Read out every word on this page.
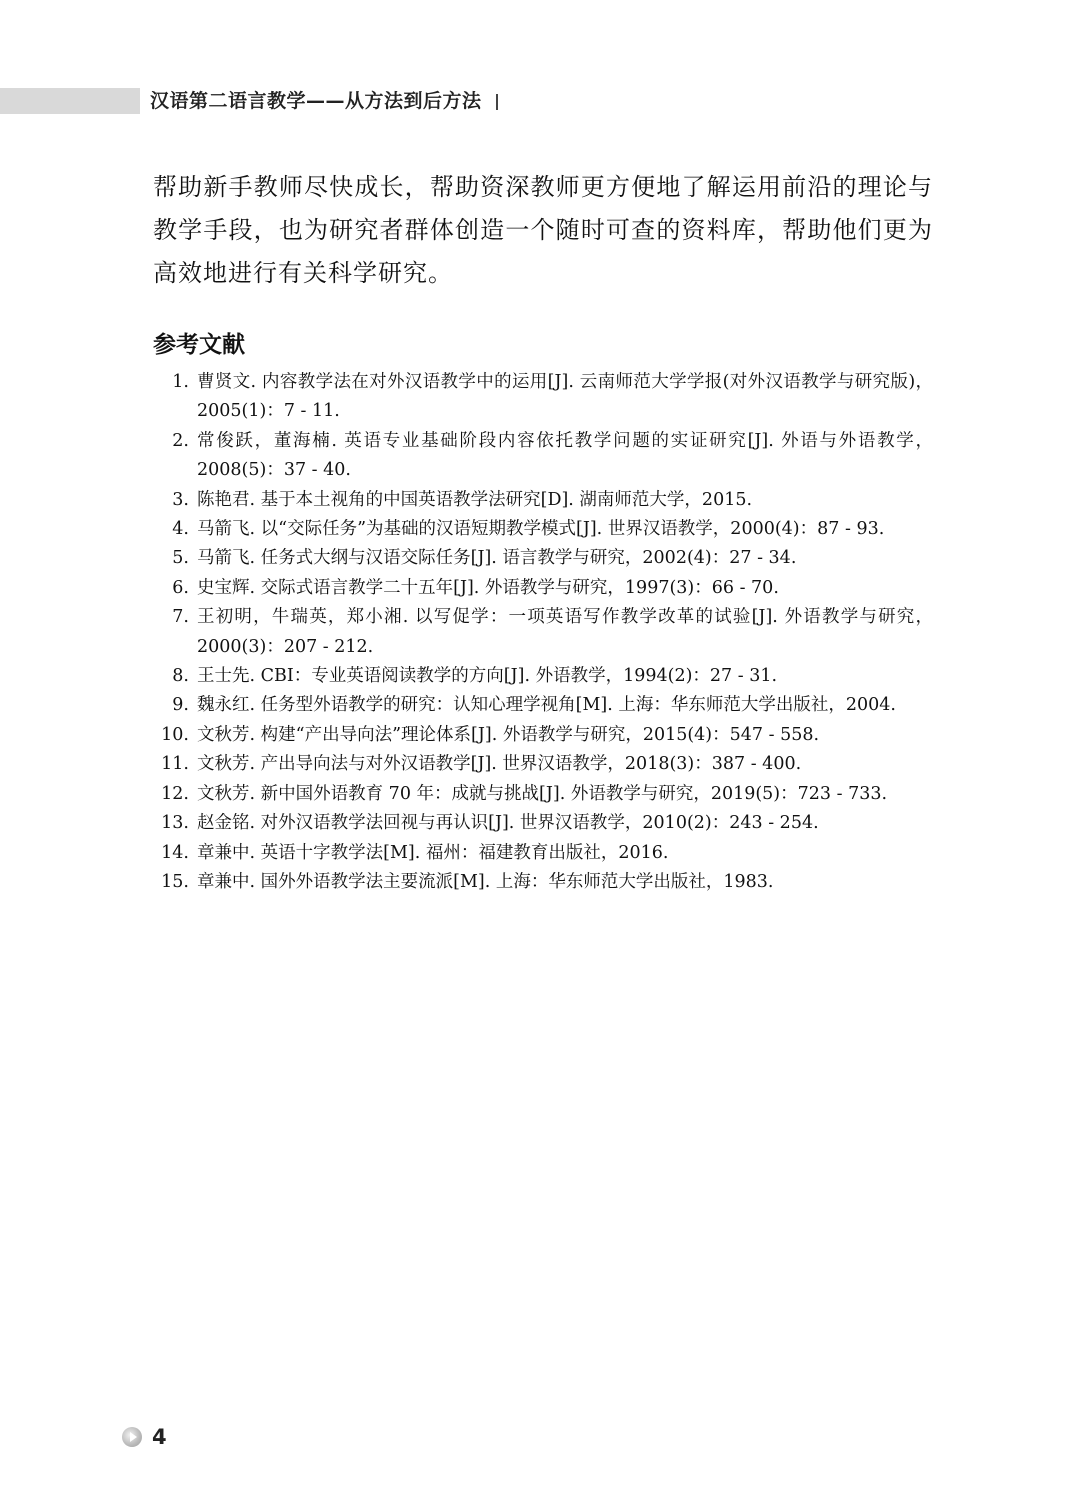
汉语第二语言教学——从方法到后方法

帮助新手教师尽快成长，帮助资深教师更方便地了解运用前沿的理论与教学手段，也为研究者群体创造一个随时可查的资料库，帮助他们更为高效地进行有关科学研究。

参考文献
1. 曹贤文. 内容教学法在对外汉语教学中的运用[J]. 云南师范大学学报(对外汉语教学与研究版)，2005(1)：7 - 11.
2. 常俊跃，董海楠. 英语专业基础阶段内容依托教学问题的实证研究[J]. 外语与外语教学，2008(5)：37 - 40.
3. 陈艳君. 基于本土视角的中国英语教学法研究[D]. 湖南师范大学，2015.
4. 马箭飞. 以“交际任务”为基础的汉语短期教学模式[J]. 世界汉语教学，2000(4)：87 - 93.
5. 马箭飞. 任务式大纲与汉语交际任务[J]. 语言教学与研究，2002(4)：27 - 34.
6. 史宝辉. 交际式语言教学二十五年[J]. 外语教学与研究，1997(3)：66 - 70.
7. 王初明，牛瑞英，郑小湘. 以写促学：一项英语写作教学改革的试验[J]. 外语教学与研究，2000(3)：207 - 212.
8. 王士先. CBI：专业英语阅读教学的方向[J]. 外语教学，1994(2)：27 - 31.
9. 魏永红. 任务型外语教学的研究：认知心理学视角[M]. 上海：华东师范大学出版社，2004.
10. 文秋芳. 构建“产出导向法”理论体系[J]. 外语教学与研究，2015(4)：547 - 558.
11. 文秋芳. 产出导向法与对外汉语教学[J]. 世界汉语教学，2018(3)：387 - 400.
12. 文秋芳. 新中国外语教育 70 年：成就与挑战[J]. 外语教学与研究，2019(5)：723 - 733.
13. 赵金铭. 对外汉语教学法回视与再认识[J]. 世界汉语教学，2010(2)：243 - 254.
14. 章兼中. 英语十字教学法[M]. 福州：福建教育出版社，2016.
15. 章兼中. 国外外语教学法主要流派[M]. 上海：华东师范大学出版社，1983.
4
